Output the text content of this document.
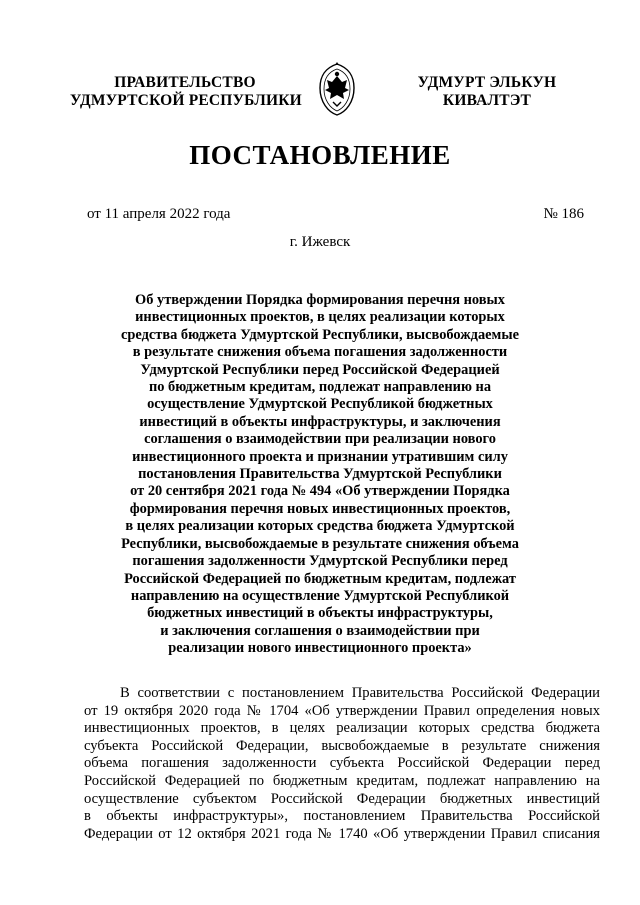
ПРАВИТЕЛЬСТВО
УДМУРТСКОЙ РЕСПУБЛИКИ
УДМУРТ ЭЛЬКУН
КИВАЛТЭТ
ПОСТАНОВЛЕНИЕ
от 11 апреля 2022 года	№ 186
г. Ижевск
Об утверждении Порядка формирования перечня новых
инвестиционных проектов, в целях реализации которых
средства бюджета Удмуртской Республики, высвобождаемые
в результате снижения объема погашения задолженности
Удмуртской Республики перед Российской Федерацией
по бюджетным кредитам, подлежат направлению на
осуществление Удмуртской Республикой бюджетных
инвестиций в объекты инфраструктуры, и заключения
соглашения о взаимодействии при реализации нового
инвестиционного проекта и признании утратившим силу
постановления Правительства Удмуртской Республики
от 20 сентября 2021 года № 494 «Об утверждении Порядка
формирования перечня новых инвестиционных проектов,
в целях реализации которых средства бюджета Удмуртской
Республики, высвобождаемые в результате снижения объема
погашения задолженности Удмуртской Республики перед
Российской Федерацией по бюджетным кредитам, подлежат
направлению на осуществление Удмуртской Республикой
бюджетных инвестиций в объекты инфраструктуры,
и заключения соглашения о взаимодействии при
реализации нового инвестиционного проекта»
В соответствии с постановлением Правительства Российской Федерации
от 19 октября 2020 года № 1704 «Об утверждении Правил определения новых
инвестиционных проектов, в целях реализации которых средства бюджета
субъекта Российской Федерации, высвобождаемые в результате снижения
объема погашения задолженности субъекта Российской Федерации перед
Российской Федерацией по бюджетным кредитам, подлежат направлению на
осуществление субъектом Российской Федерации бюджетных инвестиций
в объекты инфраструктуры», постановлением Правительства Российской
Федерации от 12 октября 2021 года № 1740 «Об утверждении Правил списания
